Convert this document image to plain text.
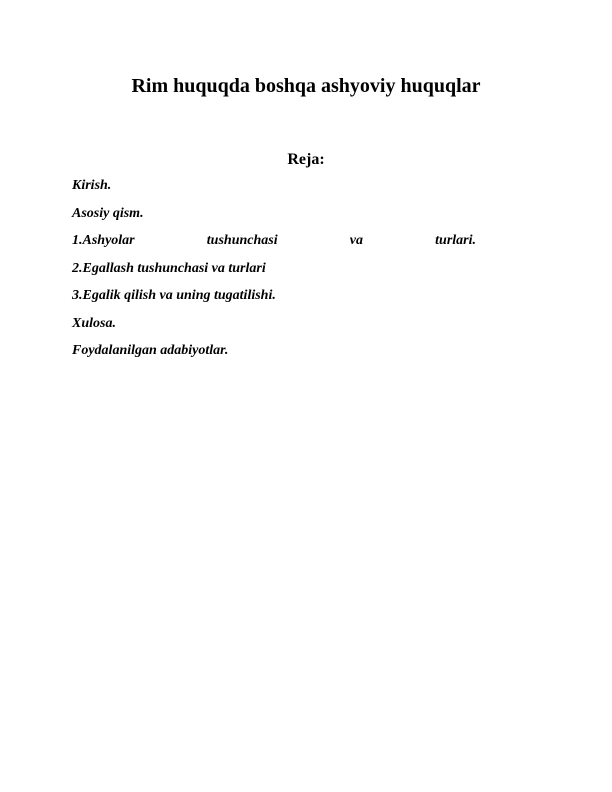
Rim huquqda boshqa ashyoviy huquqlar
Reja:
Kirish.
Asosiy qism.
1.Ashyolar	tushunchasi	va	turlari.
2.Egallash tushunchasi va turlari
3.Egalik qilish va uning tugatilishi.
Xulosa.
Foydalanilgan adabiyotlar.
